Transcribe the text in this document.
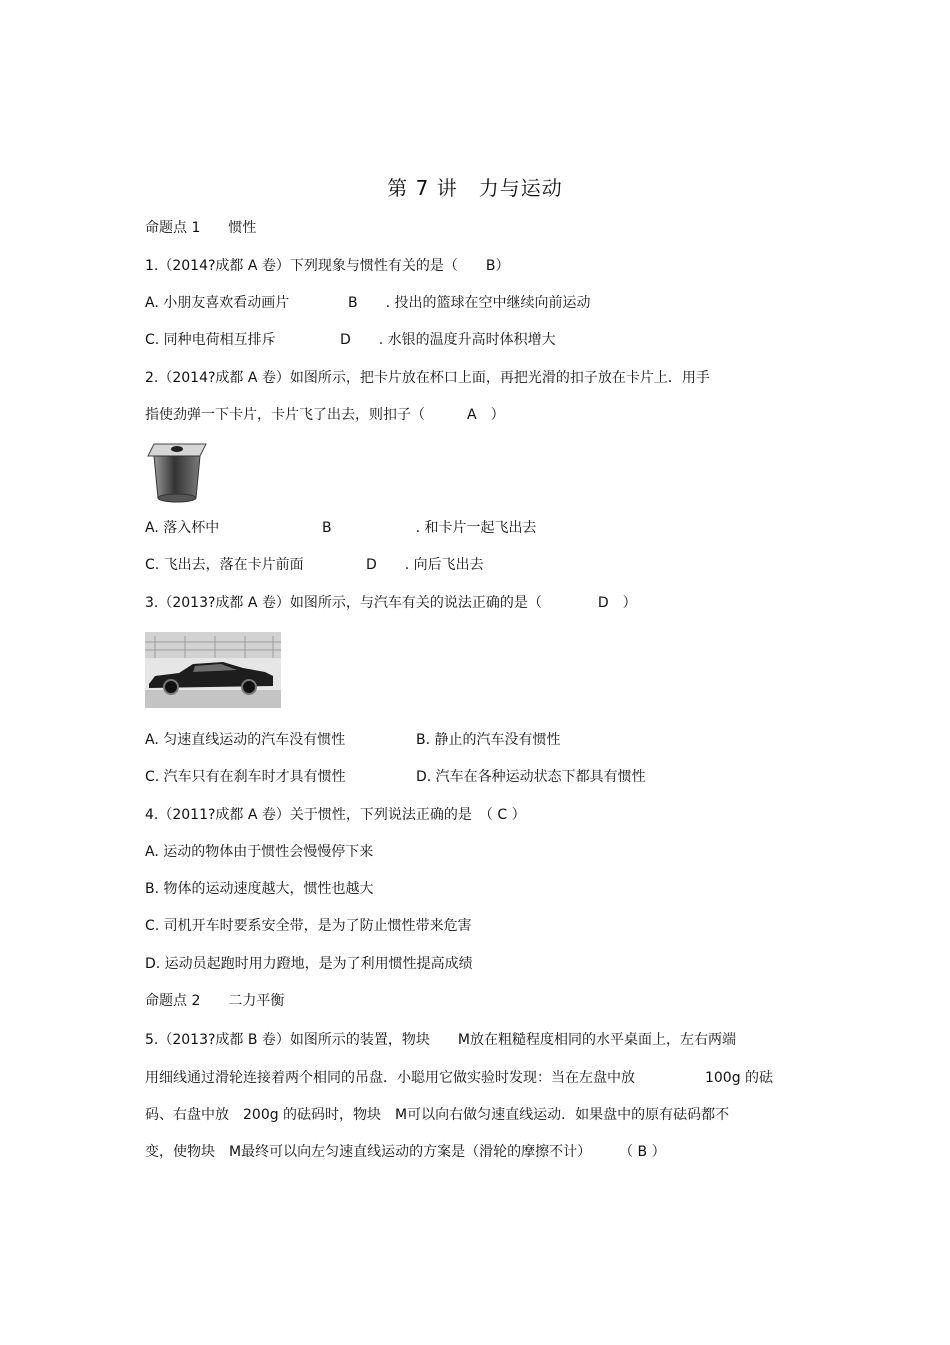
第 7 讲　力与运动
命题点 1　　惯性
1.（2014?成都 A 卷）下列现象与惯性有关的是（　　B）
A. 小朋友喜欢看动画片	B　　. 投出的篮球在空中继续向前运动
C. 同种电荷相互排斥	D　　. 水银的温度升高时体积增大
2.（2014?成都 A 卷）如图所示，把卡片放在杯口上面，再把光滑的扣子放在卡片上．用手
指使劲弹一下卡片，卡片飞了出去，则扣子（　　　A　）
A. 落入杯中	B　　　　　　. 和卡片一起飞出去
C. 飞出去，落在卡片前面	D　　. 向后飞出去
3.（2013?成都 A 卷）如图所示，与汽车有关的说法正确的是（　　　　D　）
A. 匀速直线运动的汽车没有惯性	B. 静止的汽车没有惯性
C. 汽车只有在刹车时才具有惯性	D. 汽车在各种运动状态下都具有惯性
4.（2011?成都 A 卷）关于惯性，下列说法正确的是　（ C ）
A. 运动的物体由于惯性会慢慢停下来
B. 物体的运动速度越大，惯性也越大
C. 司机开车时要系安全带，是为了防止惯性带来危害
D. 运动员起跑时用力蹬地，是为了利用惯性提高成绩
命题点 2　　二力平衡
5.（2013?成都 B 卷）如图所示的装置，物块　　M放在粗糙程度相同的水平桌面上，左右两端
用细线通过滑轮连接着两个相同的吊盘．小聪用它做实验时发现：当在左盘中放　　　　　100g 的砝
码、右盘中放　200g 的砝码时，物块　M可以向右做匀速直线运动．如果盘中的原有砝码都不
变，使物块　M最终可以向左匀速直线运动的方案是（滑轮的摩擦不计）　　　（ B ）
